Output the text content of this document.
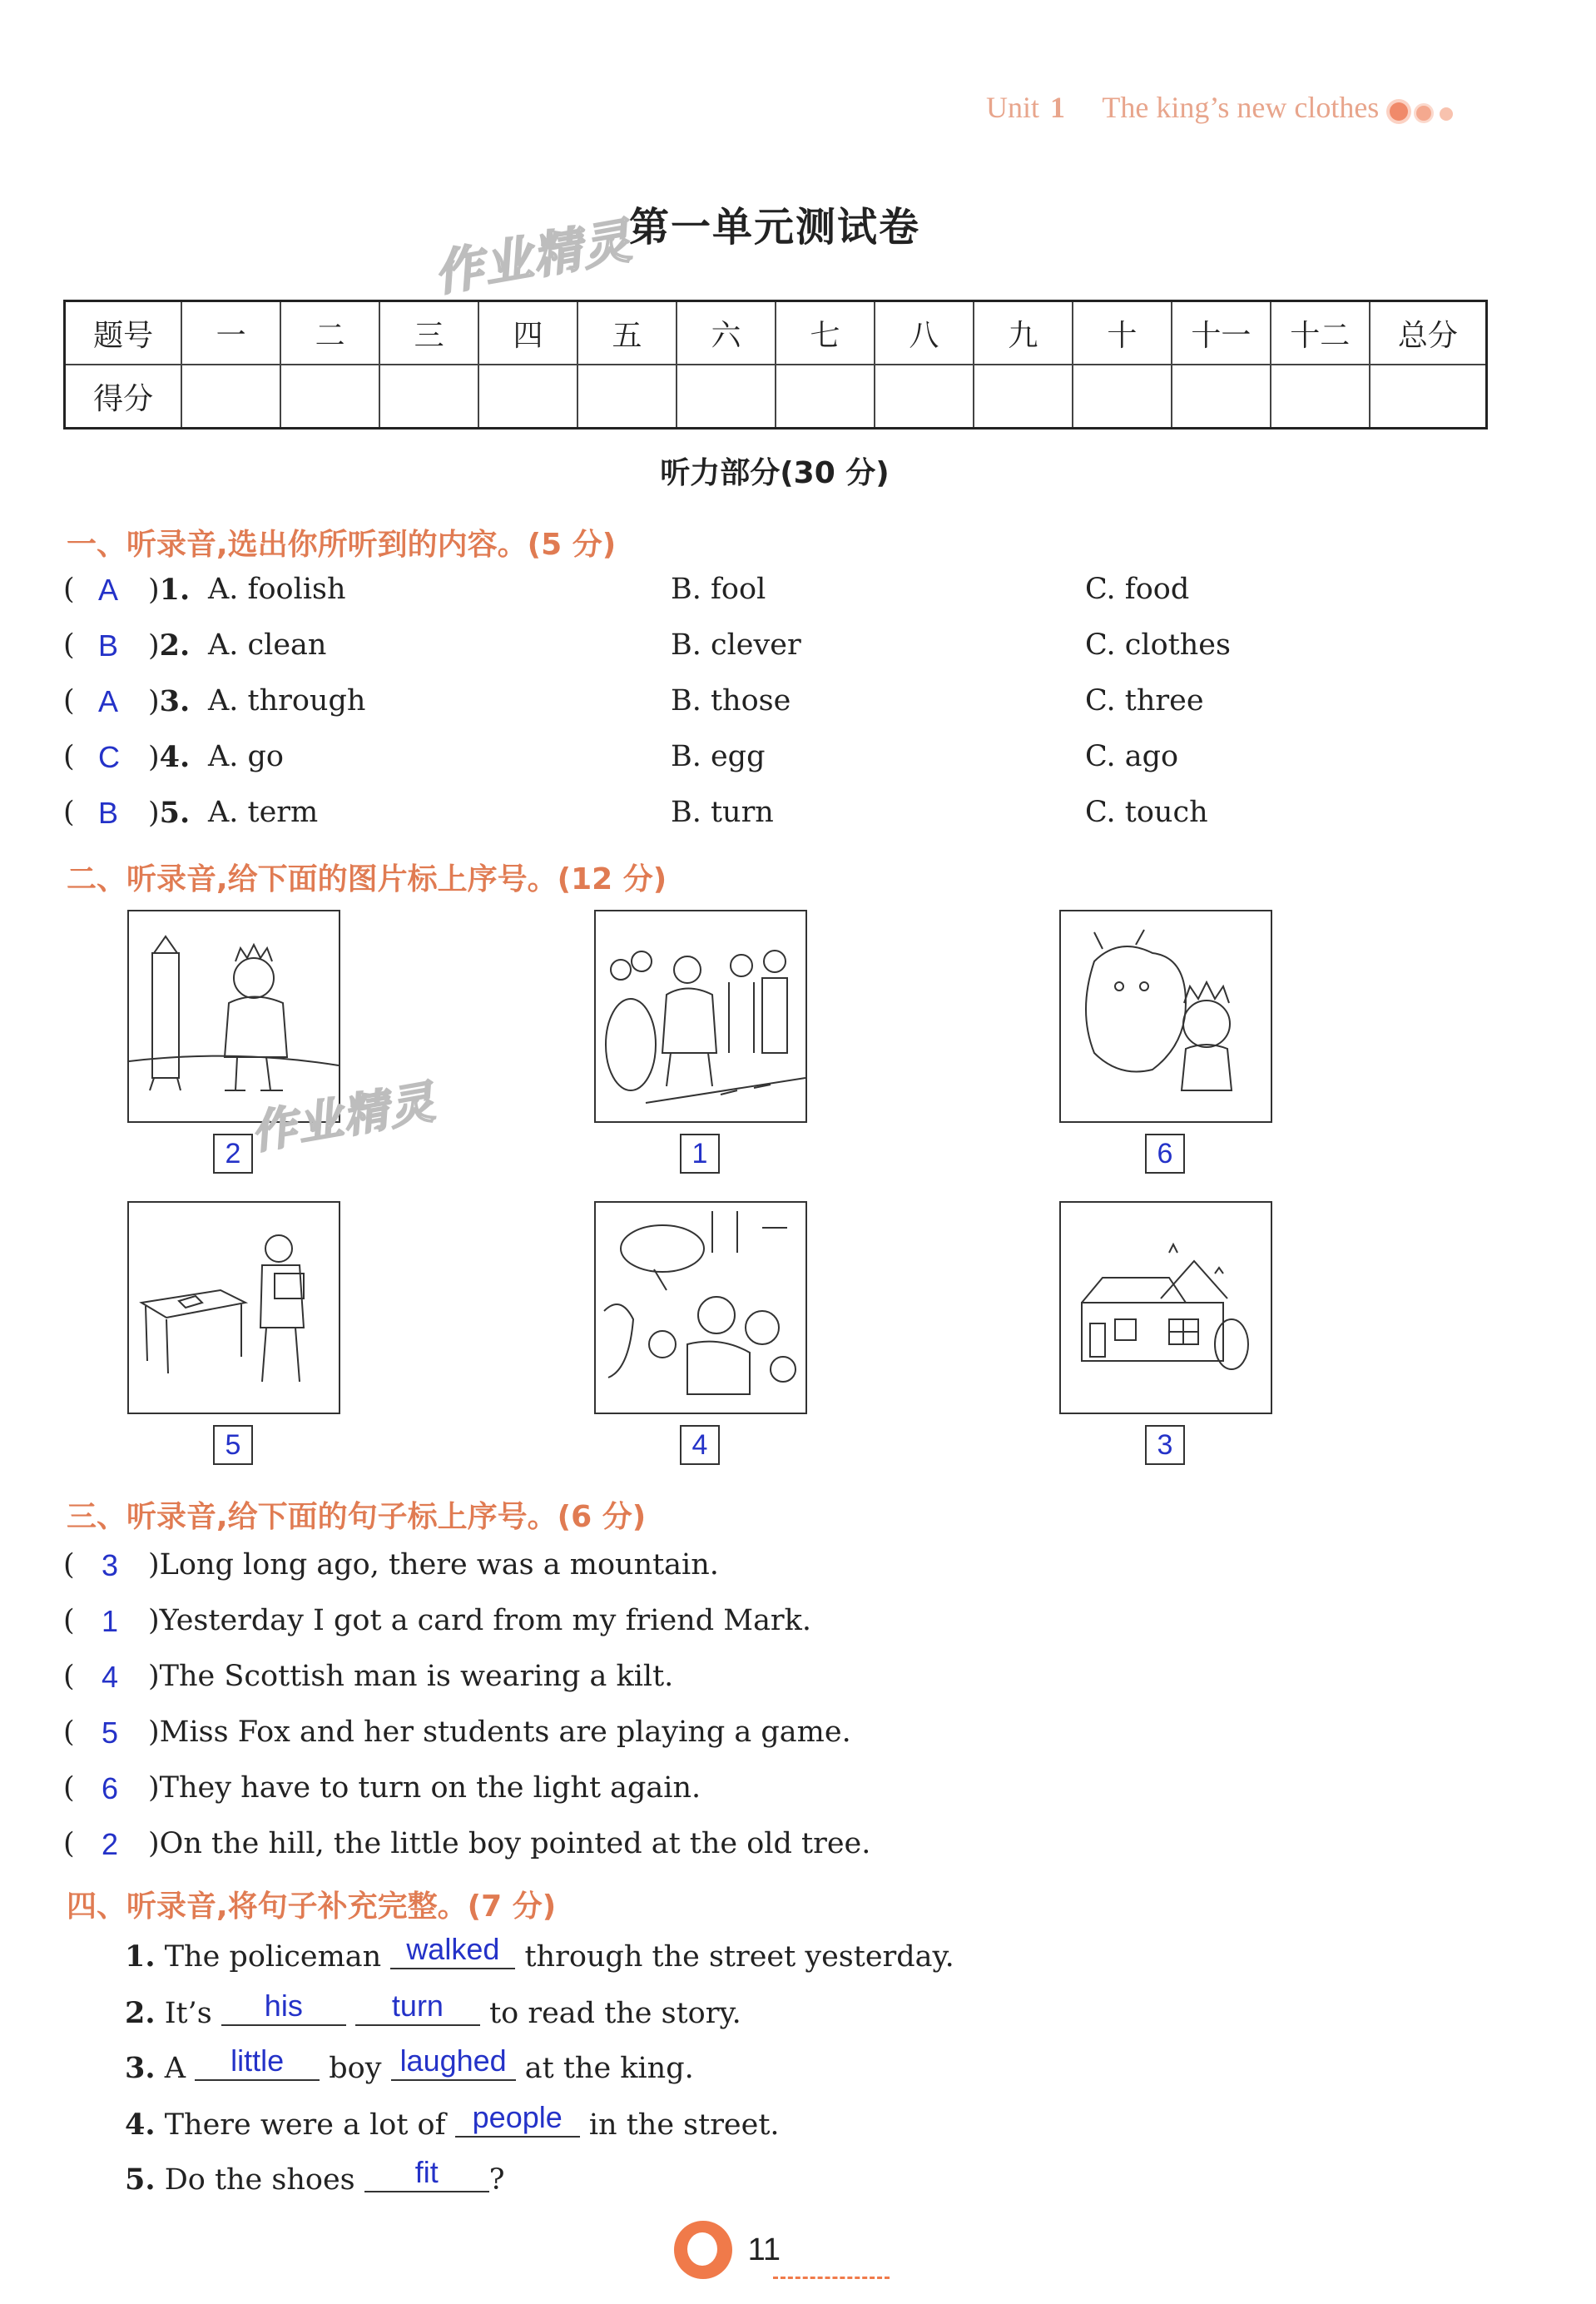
Unit 1 The king’s new clothes
第一单元测试卷
作业精灵
题号	一	二	三	四	五	六	七	八	九	十	十一	十二	总分
得分													
听力部分(30 分)
一、听录音,选出你所听到的内容。(5 分)
( A )1. A. foolish	B. fool	C. food
( B )2. A. clean	B. clever	C. clothes
( A )3. A. through	B. those	C. three
( C )4. A. go	B. egg	C. ago
( B )5. A. term	B. turn	C. touch
二、听录音,给下面的图片标上序号。(12 分)
2	1	6
作业精灵
5	4	3
三、听录音,给下面的句子标上序号。(6 分)
( 3 )Long long ago, there was a mountain.
( 1 )Yesterday I got a card from my friend Mark.
( 4 )The Scottish man is wearing a kilt.
( 5 )Miss Fox and her students are playing a game.
( 6 )They have to turn on the light again.
( 2 )On the hill, the little boy pointed at the old tree.
四、听录音,将句子补充完整。(7 分)
1. The policeman walked through the street yesterday.
2. It’s his	turn to read the story.
3. A little boy laughed at the king.
4. There were a lot of people in the street.
5. Do the shoes fit ?
11
